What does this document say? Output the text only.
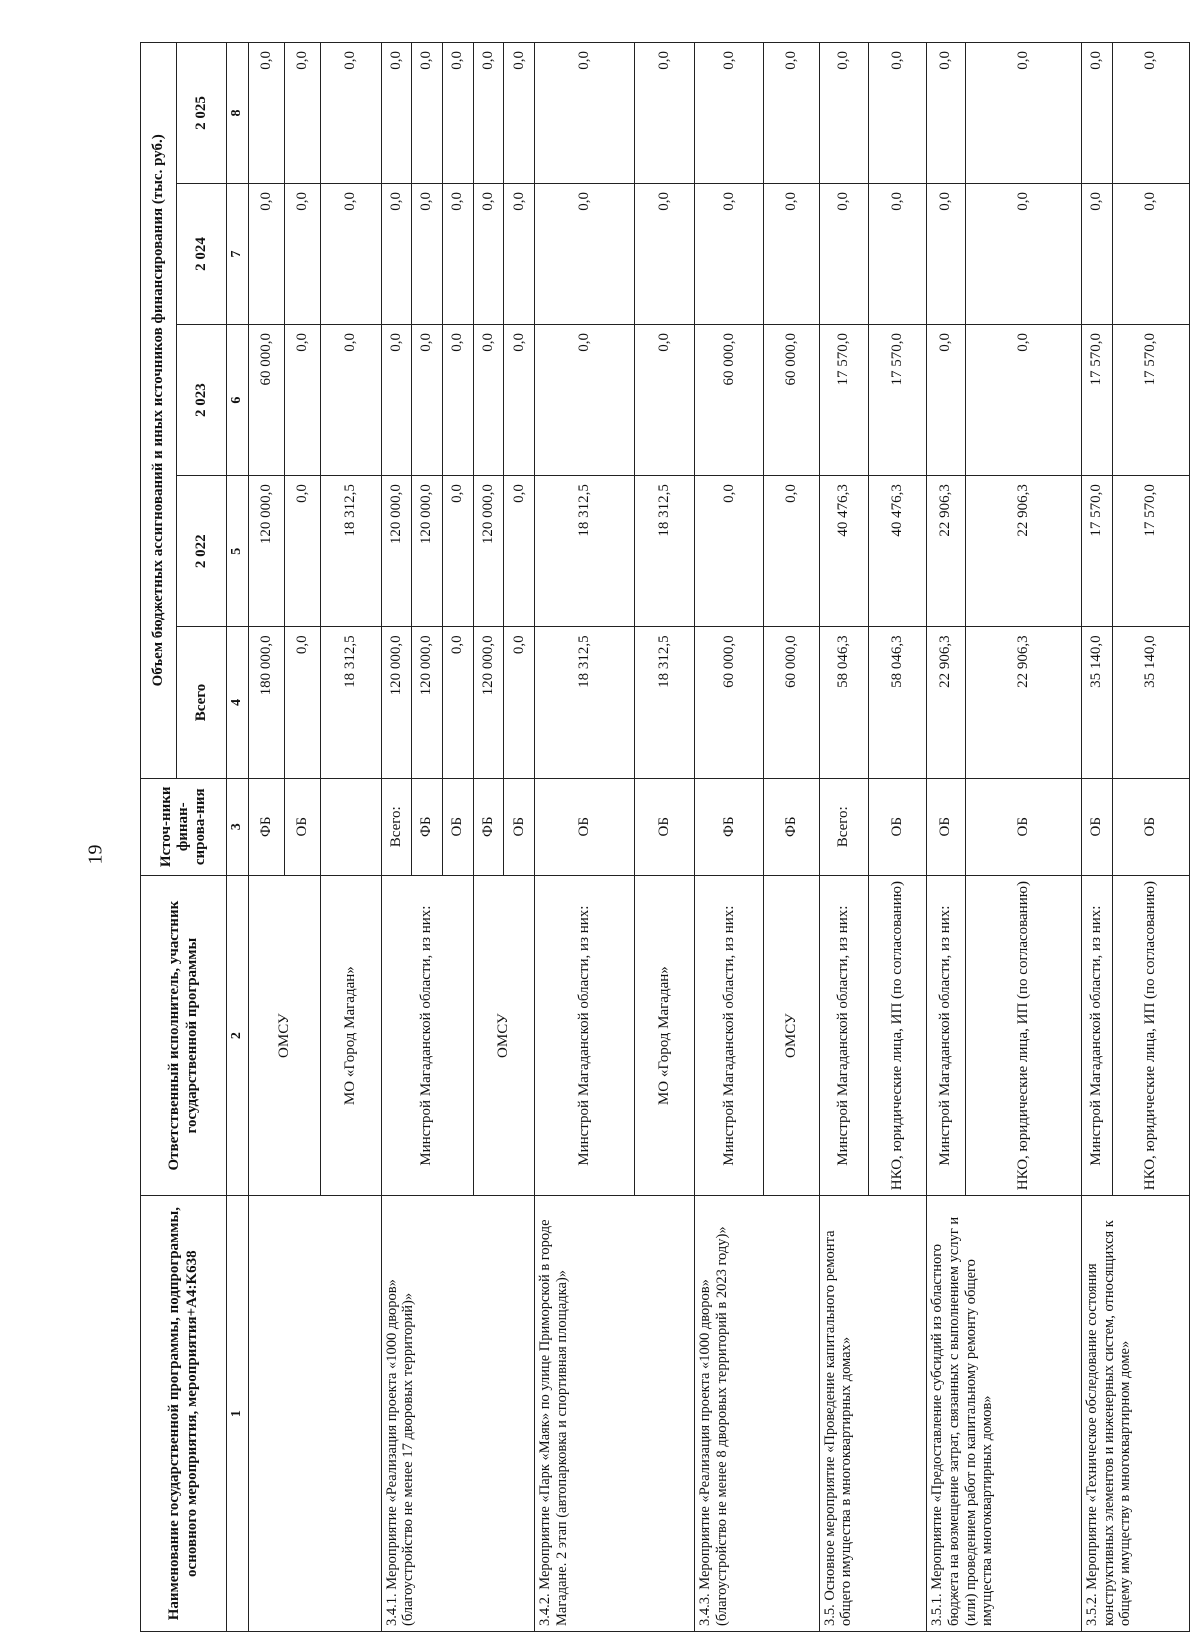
19
Наименование государственной программы, подпрограммы, основного мероприятия, мероприятия+A4:K638	Ответственный исполнитель, участник государственной программы	Источ-ники финан-сирова-ния	Объем бюджетных ассигнований и иных источников финансирования (тыс. руб.)				
			Всего	2 022	2 023	2 024	2 025
1	2	3	4	5	6	7	8
	ОМСУ	ФБ	180 000,0	120 000,0	60 000,0	0,0	0,0
		ОБ	0,0	0,0	0,0	0,0	0,0
	МО «Город Магадан»		18 312,5	18 312,5	0,0	0,0	0,0
3.4.1. Мероприятие «Реализация проекта «1000 дворов» (благоустройство не менее 17 дворовых территорий)»	Минстрой Магаданской области, из них:	Всего:	120 000,0	120 000,0	0,0	0,0	0,0
		ФБ	120 000,0	120 000,0	0,0	0,0	0,0
		ОБ	0,0	0,0	0,0	0,0	0,0
	ОМСУ	ФБ	120 000,0	120 000,0	0,0	0,0	0,0
		ОБ	0,0	0,0	0,0	0,0	0,0
3.4.2. Мероприятие «Парк «Маяк» по улице Приморской в городе Магадане. 2 этап (автопарковка и спортивная площадка)»	Минстрой Магаданской области, из них:	ОБ	18 312,5	18 312,5	0,0	0,0	0,0
	МО «Город Магадан»	ОБ	18 312,5	18 312,5	0,0	0,0	0,0
3.4.3. Мероприятие «Реализация проекта «1000 дворов» (благоустройство не менее 8 дворовых территорий в 2023 году)»	Минстрой Магаданской области, из них:	ФБ	60 000,0	0,0	60 000,0	0,0	0,0
	ОМСУ	ФБ	60 000,0	0,0	60 000,0	0,0	0,0
3.5. Основное мероприятие «Проведение капитального ремонта общего имущества в многоквартирных домах»	Минстрой Магаданской области, из них:	Всего:	58 046,3	40 476,3	17 570,0	0,0	0,0
	НКО, юридические лица, ИП (по согласованию)	ОБ	58 046,3	40 476,3	17 570,0	0,0	0,0
3.5.1. Мероприятие «Предоставление субсидий из областного бюджета на возмещение затрат, связанных с выполнением услуг и (или) проведением работ по капитальному ремонту общего имущества многоквартирных домов»	Минстрой Магаданской области, из них:	ОБ	22 906,3	22 906,3	0,0	0,0	0,0
	НКО, юридические лица, ИП (по согласованию)	ОБ	22 906,3	22 906,3	0,0	0,0	0,0
3.5.2. Мероприятие «Техническое обследование состояния конструктивных элементов и инженерных систем, относящихся к общему имуществу в многоквартирном доме»	Минстрой Магаданской области, из них:	ОБ	35 140,0	17 570,0	17 570,0	0,0	0,0
	НКО, юридические лица, ИП (по согласованию)	ОБ	35 140,0	17 570,0	17 570,0	0,0	0,0
